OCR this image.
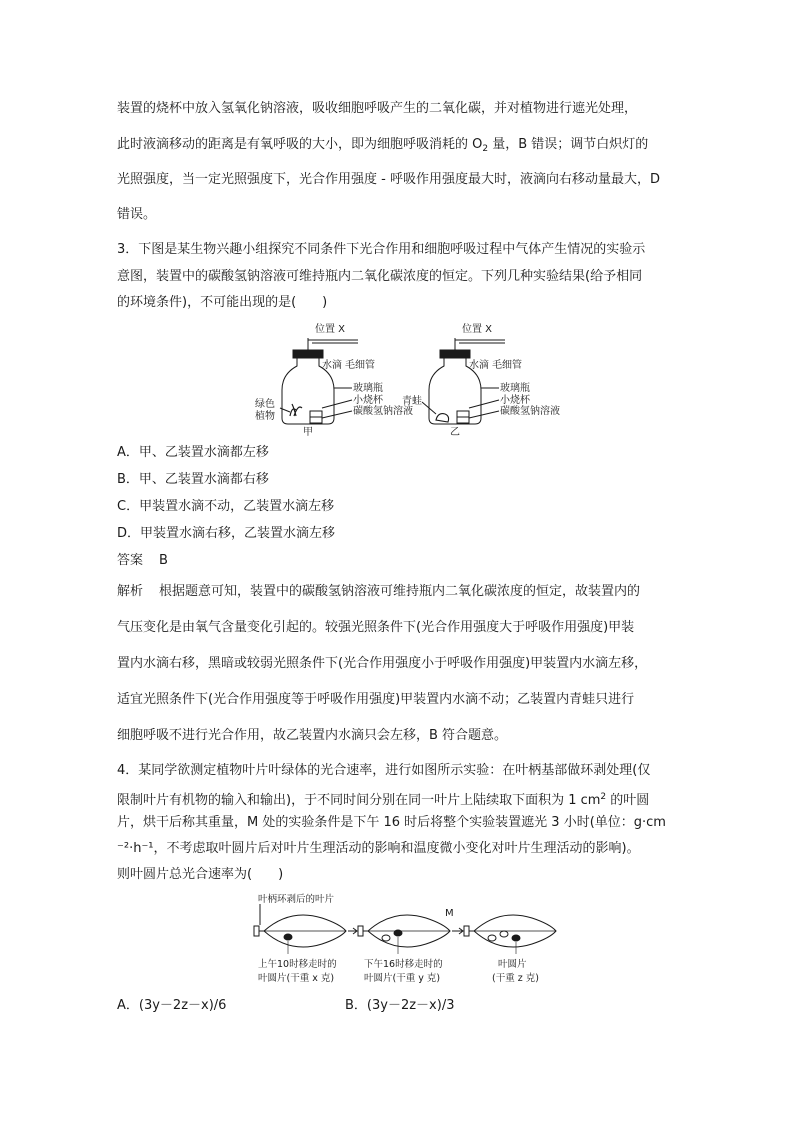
装置的烧杯中放入氢氧化钠溶液，吸收细胞呼吸产生的二氧化碳，并对植物进行遮光处理，
此时液滴移动的距离是有氧呼吸的大小，即为细胞呼吸消耗的 $O_2$ 量，B 错误；调节白炽灯的
光照强度，当一定光照强度下，光合作用强度 - 呼吸作用强度最大时，液滴向右移动量最大，D
错误。
3．下图是某生物兴趣小组探究不同条件下光合作用和细胞呼吸过程中气体产生情况的实验示
意图，装置中的碳酸氢钠溶液可维持瓶内二氧化碳浓度的恒定。下列几种实验结果(给予相同
的环境条件)，不可能出现的是(　　)
位置 X
水滴 毛细管
玻璃瓶
小烧杯
碳酸氢钠溶液
绿色
植物
甲
位置 X
水滴 毛细管
玻璃瓶
小烧杯
碳酸氢钠溶液
青蛙
乙
A．甲、乙装置水滴都左移
B．甲、乙装置水滴都右移
C．甲装置水滴不动，乙装置水滴左移
D．甲装置水滴右移，乙装置水滴左移
答案 B
解析 根据题意可知，装置中的碳酸氢钠溶液可维持瓶内二氧化碳浓度的恒定，故装置内的
气压变化是由氧气含量变化引起的。较强光照条件下(光合作用强度大于呼吸作用强度)甲装
置内水滴右移，黑暗或较弱光照条件下(光合作用强度小于呼吸作用强度)甲装置内水滴左移，
适宜光照条件下(光合作用强度等于呼吸作用强度)甲装置内水滴不动；乙装置内青蛙只进行
细胞呼吸不进行光合作用，故乙装置内水滴只会左移，B 符合题意。
4．某同学欲测定植物叶片叶绿体的光合速率，进行如图所示实验：在叶柄基部做环剥处理(仅
限制叶片有机物的输入和输出)，于不同时间分别在同一叶片上陆续取下面积为 1 $cm^2$ 的叶圆
片，烘干后称其重量，M 处的实验条件是下午 16 时后将整个实验装置遮光 3 小时(单位：g·cm
⁻²·h⁻¹，不考虑取叶圆片后对叶片生理活动的影响和温度微小变化对叶片生理活动的影响)。
则叶圆片总光合速率为(　　)
叶柄环剥后的叶片
M
上午10时移走时的
叶圆片(干重 x 克)
下午16时移走时的
叶圆片(干重 y 克)
叶圆片
(干重 z 克)
A．(3y－2z－x)/6	B．(3y－2z－x)/3
